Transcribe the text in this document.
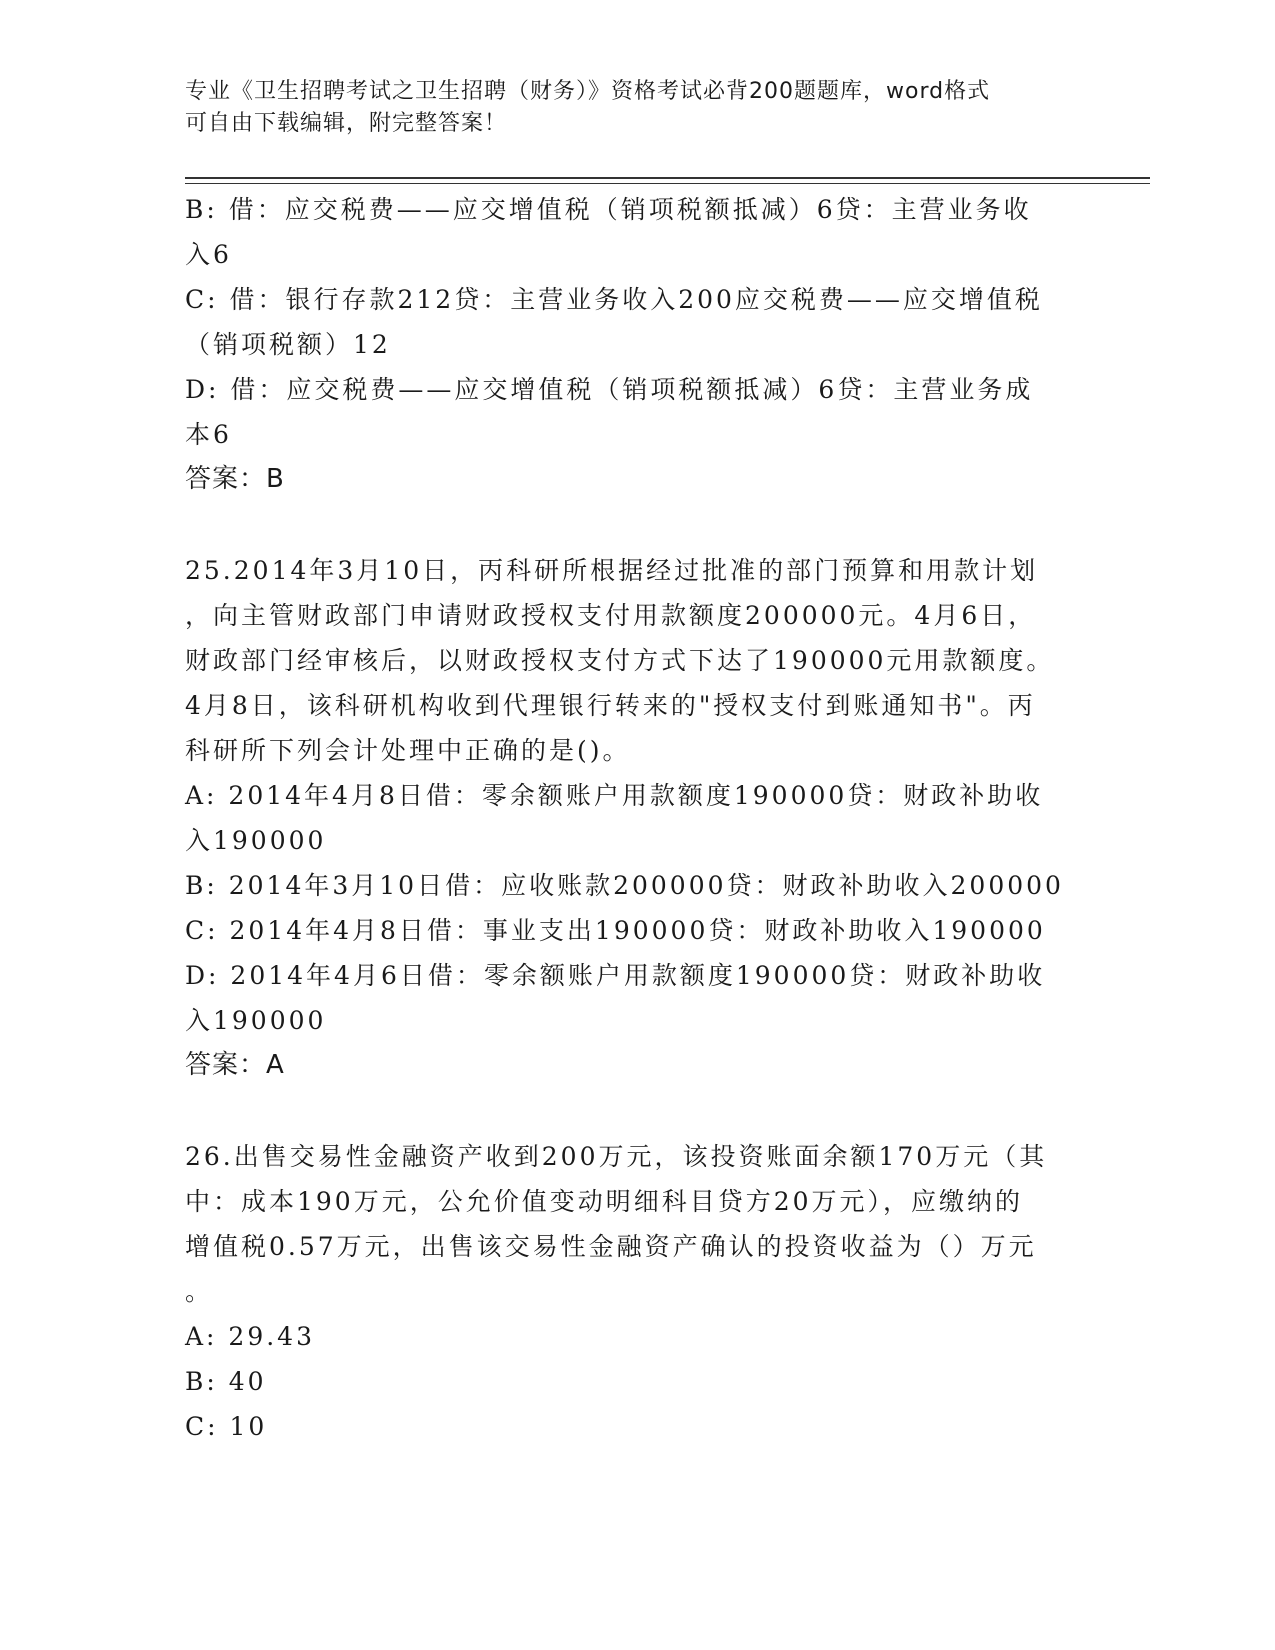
专业《卫生招聘考试之卫生招聘（财务）》资格考试必背200题题库，word格式
可自由下载编辑，附完整答案！

B: 借：应交税费——应交增值税（销项税额抵减）6贷：主营业务收

入6

C: 借：银行存款212贷：主营业务收入200应交税费——应交增值税

（销项税额）12

D: 借：应交税费——应交增值税（销项税额抵减）6贷：主营业务成

本6

答案：B

25.2014年3月10日，丙科研所根据经过批准的部门预算和用款计划

，向主管财政部门申请财政授权支付用款额度200000元。4月6日，

财政部门经审核后，以财政授权支付方式下达了190000元用款额度。

4月8日，该科研机构收到代理银行转来的"授权支付到账通知书"。丙

科研所下列会计处理中正确的是()。

A: 2014年4月8日借：零余额账户用款额度190000贷：财政补助收

入190000

B: 2014年3月10日借：应收账款200000贷：财政补助收入200000

C: 2014年4月8日借：事业支出190000贷：财政补助收入190000

D: 2014年4月6日借：零余额账户用款额度190000贷：财政补助收

入190000

答案：A

26.出售交易性金融资产收到200万元，该投资账面余额170万元（其

中：成本190万元，公允价值变动明细科目贷方20万元），应缴纳的

增值税0.57万元，出售该交易性金融资产确认的投资收益为（）万元

。

A: 29.43

B: 40

C: 10
